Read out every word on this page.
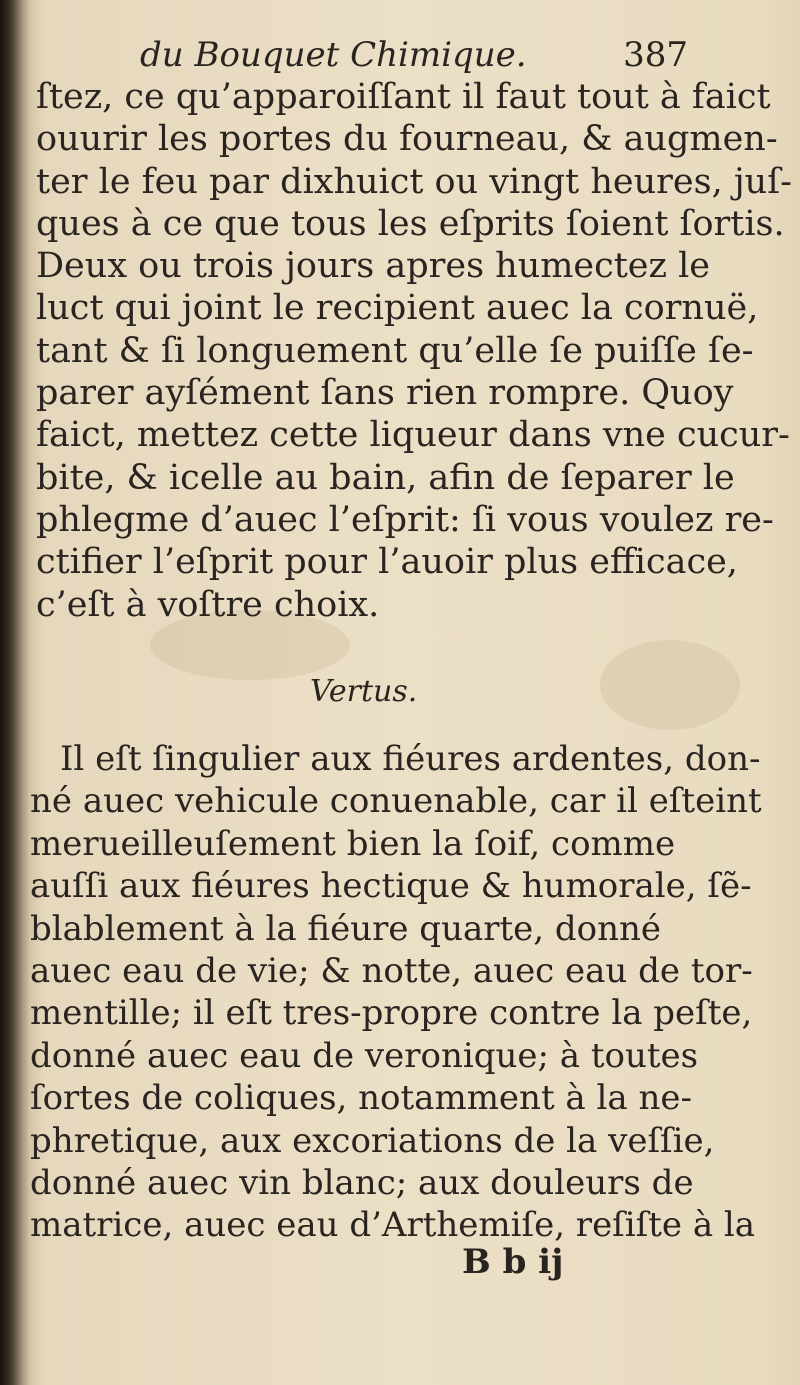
du Bouquet Chimique.	387
ſtez, ce qu’apparoiſſant il faut tout à faict
ouurir les portes du fourneau, & augmen-
ter le feu par dixhuict ou vingt heures, juſ-
ques à ce que tous les eſprits ſoient ſortis.
Deux ou trois jours apres humectez le
luct qui joint le recipient auec la cornuë,
tant & ſi longuement qu’elle ſe puiſſe ſe-
parer ayſément ſans rien rompre. Quoy
faict, mettez cette liqueur dans vne cucur-
bite, & icelle au bain, afin de ſeparer le
phlegme d’auec l’eſprit: ſi vous voulez re-
ctifier l’eſprit pour l’auoir plus efficace,
c’eſt à voſtre choix.
Vertus.
Il eſt ſingulier aux fiéures ardentes, don-
né auec vehicule conuenable, car il eſteint
merueilleuſement bien la ſoif, comme
auſſi aux fiéures hectique & humorale, ſẽ-
blablement à la fiéure quarte, donné
auec eau de vie; & notte, auec eau de tor-
mentille; il eſt tres-propre contre la peſte,
donné auec eau de veronique; à toutes
ſortes de coliques, notamment à la ne-
phretique, aux excoriations de la veſſie,
donné auec vin blanc; aux douleurs de
matrice, auec eau d’Arthemiſe, reſiſte à la
B b ij
